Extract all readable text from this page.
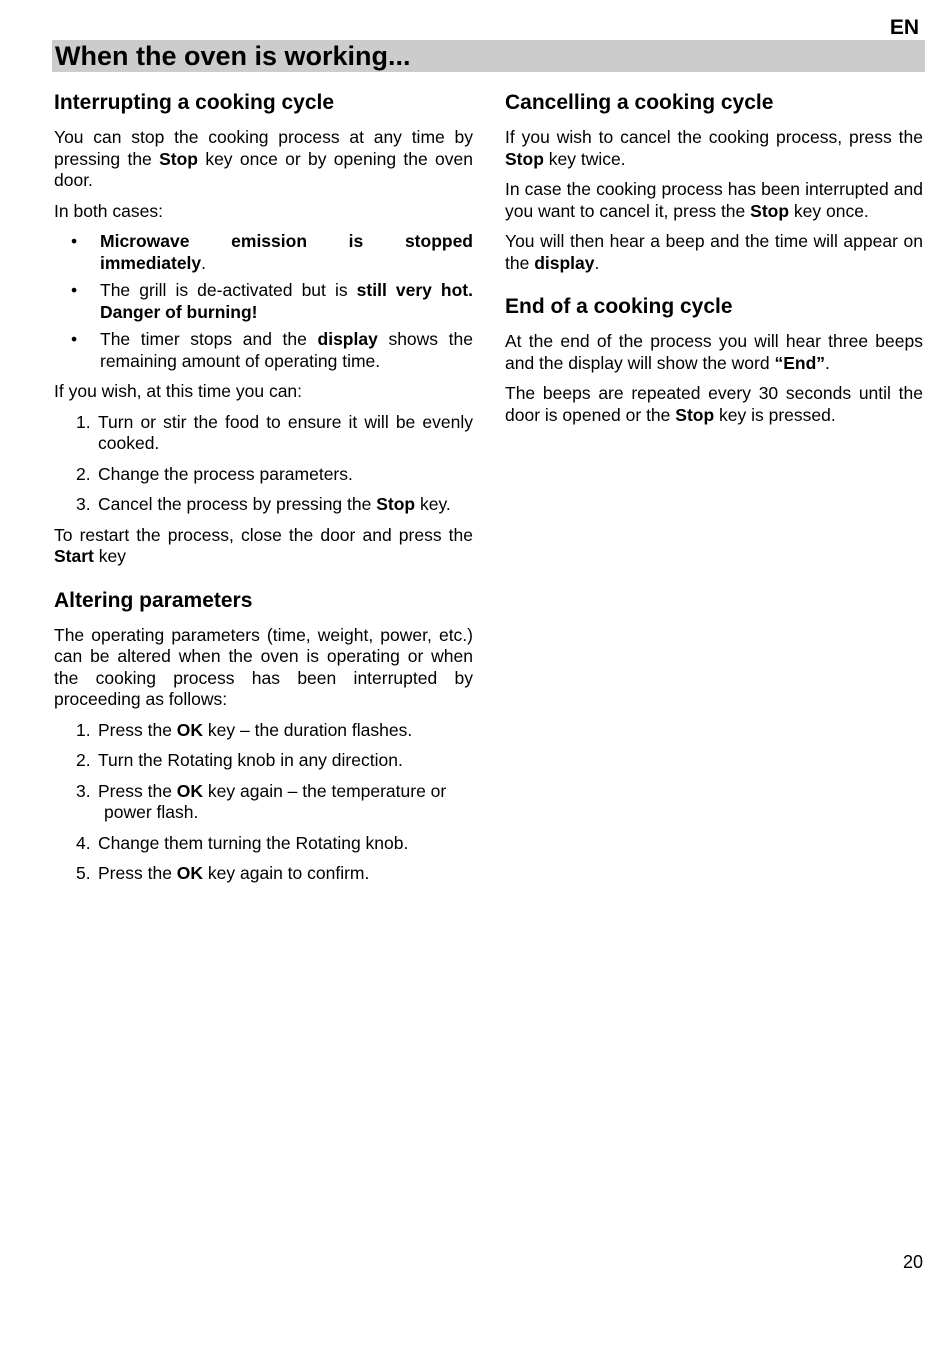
EN
When the oven is working...
Interrupting a cooking cycle

You can stop the cooking process at any time by pressing the Stop key once or by opening the oven door.

In both cases:

• Microwave emission is stopped immediately.
• The grill is de-activated but is still very hot. Danger of burning!
• The timer stops and the display shows the remaining amount of operating time.

If you wish, at this time you can:

1. Turn or stir the food to ensure it will be evenly cooked.
2. Change the process parameters.
3. Cancel the process by pressing the Stop key.

To restart the process, close the door and press the Start key

Altering parameters

The operating parameters (time, weight, power, etc.) can be altered when the oven is operating or when the cooking process has been interrupted by proceeding as follows:

1. Press the OK key – the duration flashes.
2. Turn the Rotating knob in any direction.
3. Press the OK key again – the temperature or
power flash.
4. Change them turning the Rotating knob.
5. Press the OK key again to confirm.
Cancelling a cooking cycle

If you wish to cancel the cooking process, press the Stop key twice.

In case the cooking process has been interrupted and you want to cancel it, press the Stop key once.

You will then hear a beep and the time will appear on the display.

End of a cooking cycle

At the end of the process you will hear three beeps and the display will show the word “End”.

The beeps are repeated every 30 seconds until the door is opened or the Stop key is pressed.

20
